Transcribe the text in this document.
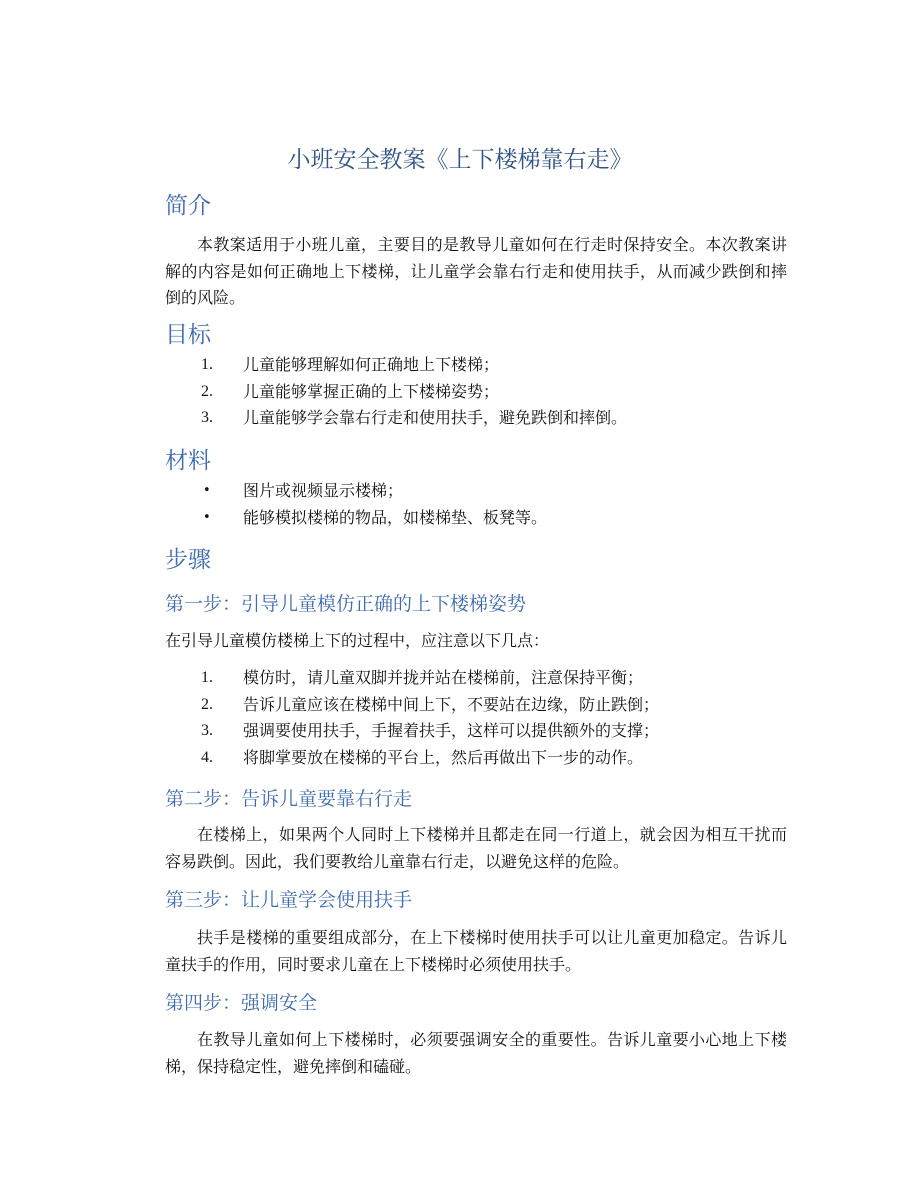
小班安全教案《上下楼梯靠右走》
简介

本教案适用于小班儿童，主要目的是教导儿童如何在行走时保持安全。本次教案讲解的内容是如何正确地上下楼梯，让儿童学会靠右行走和使用扶手，从而减少跌倒和摔倒的风险。

目标
1. 儿童能够理解如何正确地上下楼梯；
2. 儿童能够掌握正确的上下楼梯姿势；
3. 儿童能够学会靠右行走和使用扶手，避免跌倒和摔倒。
材料
• 图片或视频显示楼梯；
• 能够模拟楼梯的物品，如楼梯垫、板凳等。
步骤
第一步：引导儿童模仿正确的上下楼梯姿势

在引导儿童模仿楼梯上下的过程中，应注意以下几点：

1. 模仿时，请儿童双脚并拢并站在楼梯前，注意保持平衡；
2. 告诉儿童应该在楼梯中间上下，不要站在边缘，防止跌倒；
3. 强调要使用扶手，手握着扶手，这样可以提供额外的支撑；
4. 将脚掌要放在楼梯的平台上，然后再做出下一步的动作。
第二步：告诉儿童要靠右行走

在楼梯上，如果两个人同时上下楼梯并且都走在同一行道上，就会因为相互干扰而容易跌倒。因此，我们要教给儿童靠右行走，以避免这样的危险。

第三步：让儿童学会使用扶手

扶手是楼梯的重要组成部分，在上下楼梯时使用扶手可以让儿童更加稳定。告诉儿童扶手的作用，同时要求儿童在上下楼梯时必须使用扶手。

第四步：强调安全

在教导儿童如何上下楼梯时，必须要强调安全的重要性。告诉儿童要小心地上下楼梯，保持稳定性，避免摔倒和磕碰。
